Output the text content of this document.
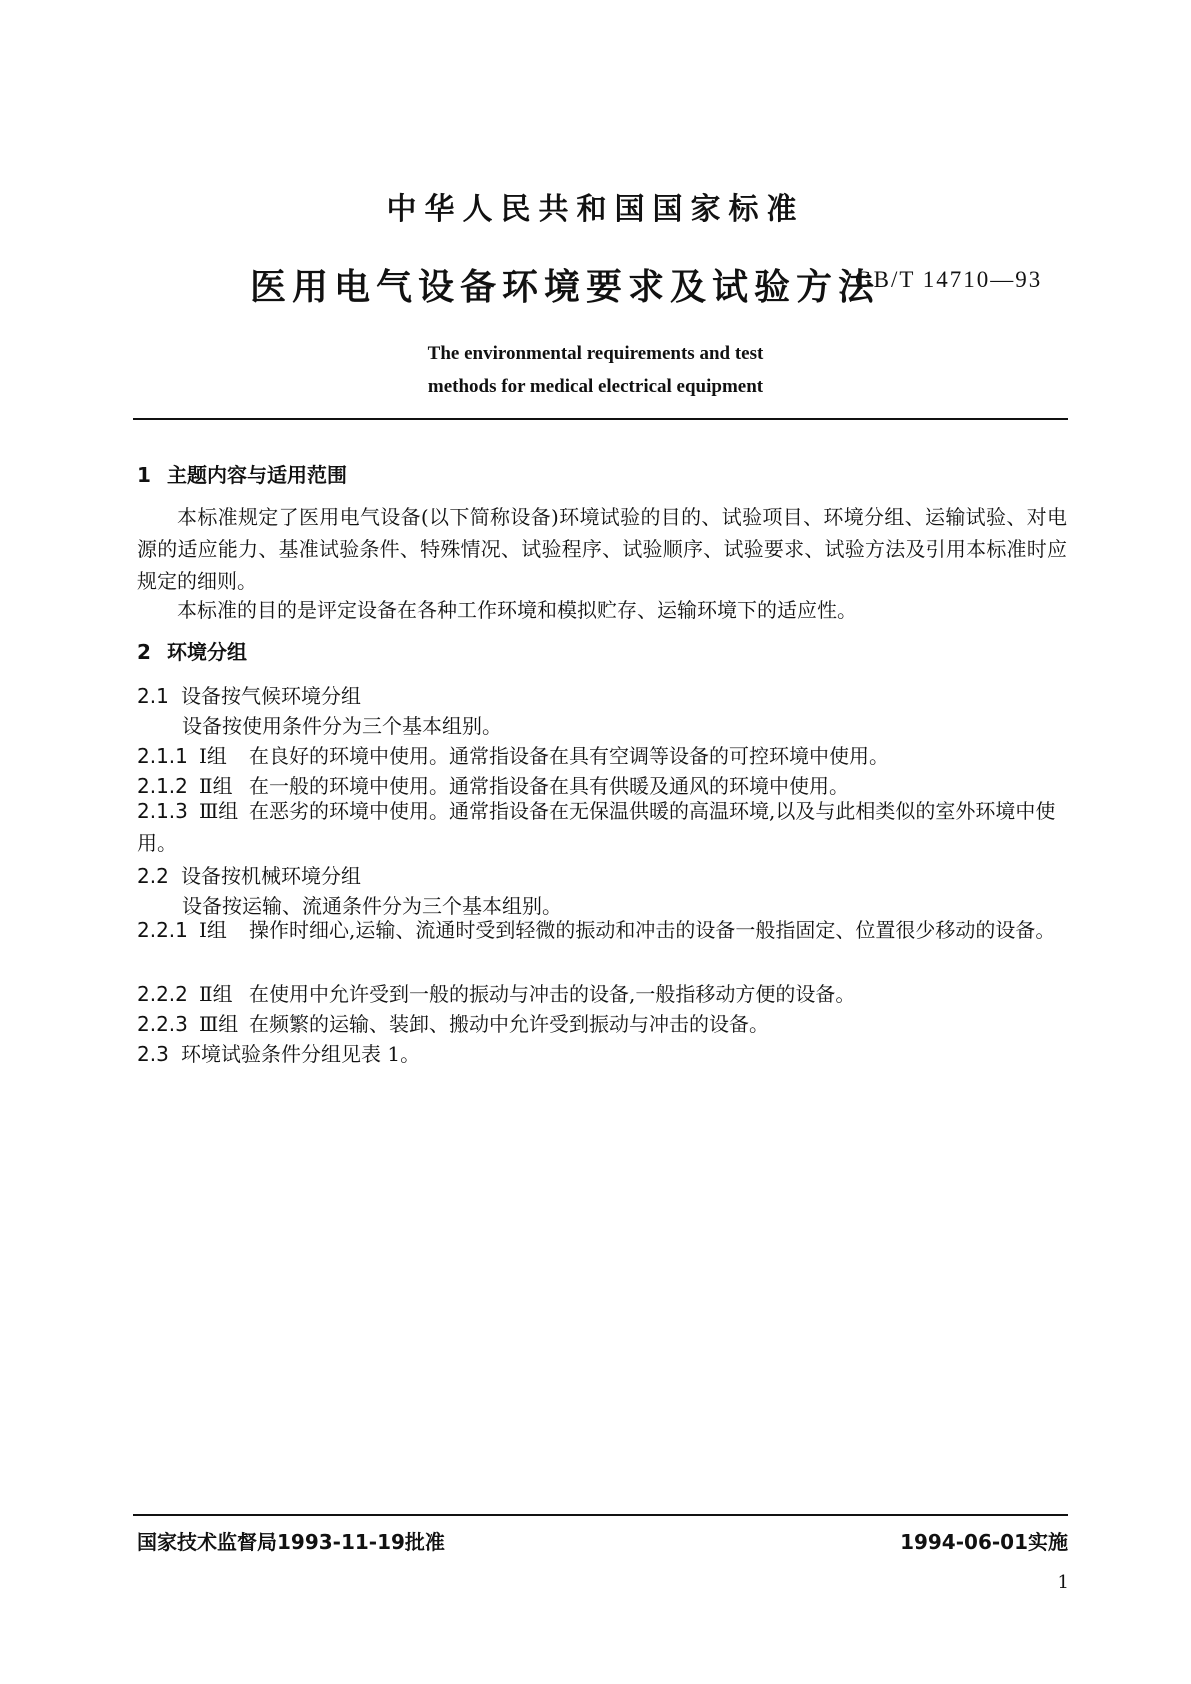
中华人民共和国国家标准
医用电气设备环境要求及试验方法
GB/T 14710—93
The environmental requirements and test
methods for medical electrical equipment
1 主题内容与适用范围
本标准规定了医用电气设备(以下简称设备)环境试验的目的、试验项目、环境分组、运输试验、对电源的适应能力、基准试验条件、特殊情况、试验程序、试验顺序、试验要求、试验方法及引用本标准时应规定的细则。
本标准的目的是评定设备在各种工作环境和模拟贮存、运输环境下的适应性。
2 环境分组
2.1 设备按气候环境分组
设备按使用条件分为三个基本组别。
2.1.1 Ⅰ组 在良好的环境中使用。通常指设备在具有空调等设备的可控环境中使用。
2.1.2 Ⅱ组 在一般的环境中使用。通常指设备在具有供暖及通风的环境中使用。
2.1.3 Ⅲ组 在恶劣的环境中使用。通常指设备在无保温供暖的高温环境,以及与此相类似的室外环境中使用。
2.2 设备按机械环境分组
设备按运输、流通条件分为三个基本组别。
2.2.1 Ⅰ组 操作时细心,运输、流通时受到轻微的振动和冲击的设备一般指固定、位置很少移动的设备。
2.2.2 Ⅱ组 在使用中允许受到一般的振动与冲击的设备,一般指移动方便的设备。
2.2.3 Ⅲ组 在频繁的运输、装卸、搬动中允许受到振动与冲击的设备。
2.3 环境试验条件分组见表 1。
国家技术监督局1993-11-19批准	1994-06-01实施
1
